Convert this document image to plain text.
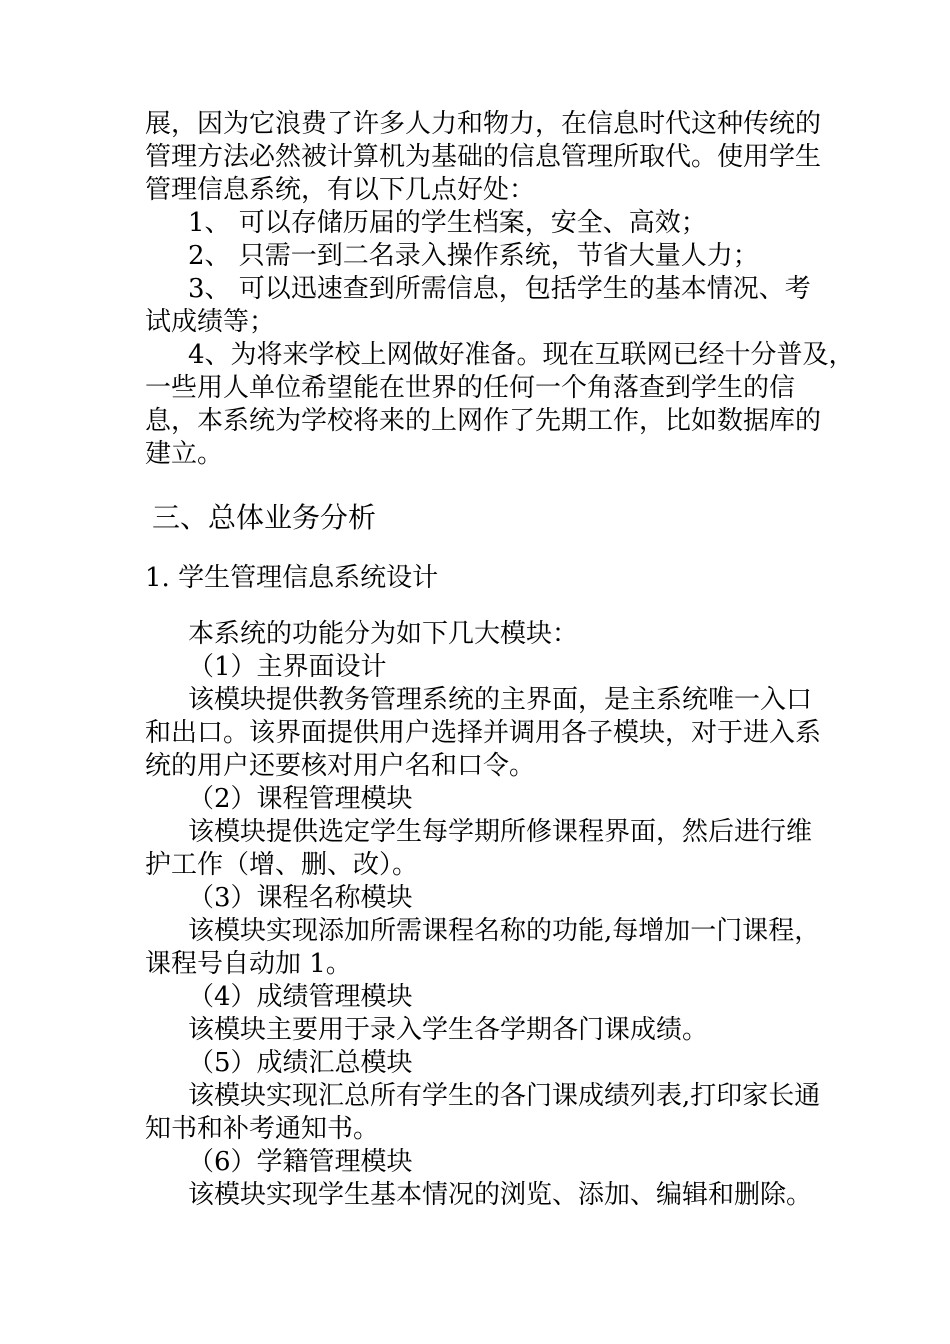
展，因为它浪费了许多人力和物力，在信息时代这种传统的
管理方法必然被计算机为基础的信息管理所取代。使用学生
管理信息系统，有以下几点好处：
1、 可以存储历届的学生档案，安全、高效；
2、 只需一到二名录入操作系统，节省大量人力；
3、 可以迅速查到所需信息，包括学生的基本情况、考
试成绩等；
4、为将来学校上网做好准备。现在互联网已经十分普及，
一些用人单位希望能在世界的任何一个角落查到学生的信
息，本系统为学校将来的上网作了先期工作，比如数据库的
建立。
三、总体业务分析
1. 学生管理信息系统设计
本系统的功能分为如下几大模块：
（1）主界面设计
该模块提供教务管理系统的主界面，是主系统唯一入口
和出口。该界面提供用户选择并调用各子模块，对于进入系
统的用户还要核对用户名和口令。
（2）课程管理模块
该模块提供选定学生每学期所修课程界面，然后进行维
护工作（增、删、改）。
（3）课程名称模块
该模块实现添加所需课程名称的功能,每增加一门课程，
课程号自动加 1。
（4）成绩管理模块
该模块主要用于录入学生各学期各门课成绩。
（5）成绩汇总模块
该模块实现汇总所有学生的各门课成绩列表,打印家长通
知书和补考通知书。
（6）学籍管理模块
该模块实现学生基本情况的浏览、添加、编辑和删除。
